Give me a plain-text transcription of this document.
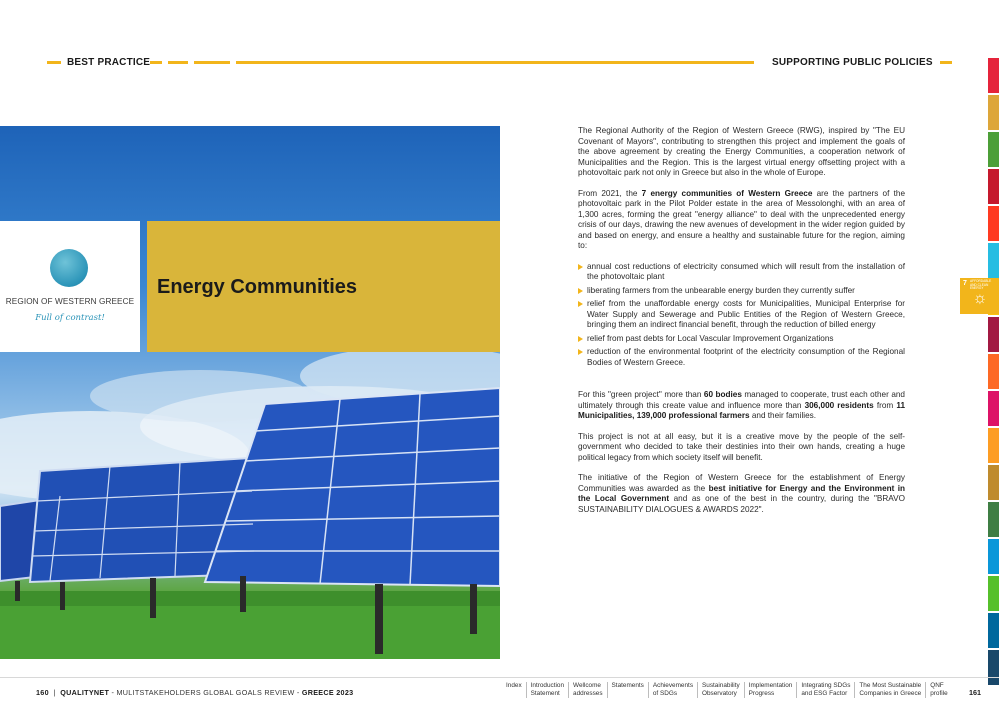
BEST PRACTICE	SUPPORTING PUBLIC POLICIES
REGION OF WESTERN GREECE
Full of contrast!
Energy Communities

The Regional Authority of the Region of Western Greece (RWG), inspired by "The EU Covenant of Mayors", contributing to strengthen this project and implement the goals of the above agreement by creating the Energy Communities, a cooperation network of Municipalities and the Region. This is the largest virtual energy offsetting project with a photovoltaic park not only in Greece but also in the whole of Europe.

From 2021, the 7 energy communities of Western Greece are the partners of the photovoltaic park in the Pilot Polder estate in the area of Messolonghi, with an area of 1,300 acres, forming the great "energy alliance" to deal with the unprecedented energy crisis of our days, drawing the new avenues of development in the wider region guided by and based on energy, and ensure a healthy and sustainable future for the region, aiming to:

annual cost reductions of electricity consumed which will result from the installation of the photovoltaic plant
liberating farmers from the unbearable energy burden they currently suffer
relief from the unaffordable energy costs for Municipalities, Municipal Enterprise for Water Supply and Sewerage and Public Entities of the Region of Western Greece, bringing them an indirect financial benefit, through the reduction of billed energy
relief from past debts for Local Vascular Improvement Organizations
reduction of the environmental footprint of the electricity consumption of the Regional Bodies of Western Greece.

For this "green project" more than 60 bodies managed to cooperate, trust each other and ultimately through this create value and influence more than 306,000 residents from 11 Municipalities, 139,000 professional farmers and their families.

This project is not at all easy, but it is a creative move by the people of the self-government who decided to take their destinies into their own hands, creating a huge political legacy from which society itself will benefit.

The initiative of the Region of Western Greece for the establishment of Energy Communities was awarded as the best initiative for Energy and the Environment in the Local Government and as one of the best in the country, during the "BRAVO SUSTAINABILITY DIALOGUES & AWARDS 2022".

7 AFFORDABLE AND CLEAN ENERGY
☼
160  |  QUALITYNET - MULITSTAKEHOLDERS GLOBAL GOALS REVIEW - GREECE 2023
Index Introduction
Statement
Wellcome
addresses
Statements Achievements
of SDGs
Sustainability
Observatory
Implementation
Progress
Integrating SDGs
and ESG Factor
The Most Sustainable
Companies in Greece
QNF
profile	161
